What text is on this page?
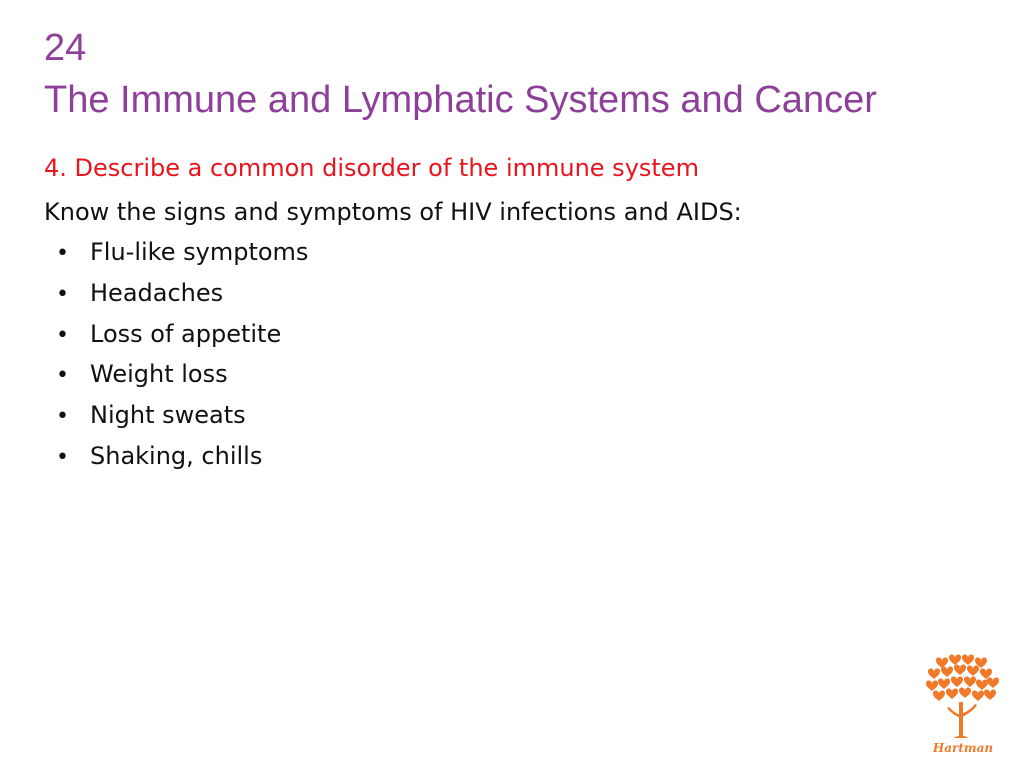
24
The Immune and Lymphatic Systems and Cancer

4. Describe a common disorder of the immune system

Know the signs and symptoms of HIV infections and AIDS:

• Flu-like symptoms
• Headaches
• Loss of appetite
• Weight loss
• Night sweats
• Shaking, chills
Hartman
